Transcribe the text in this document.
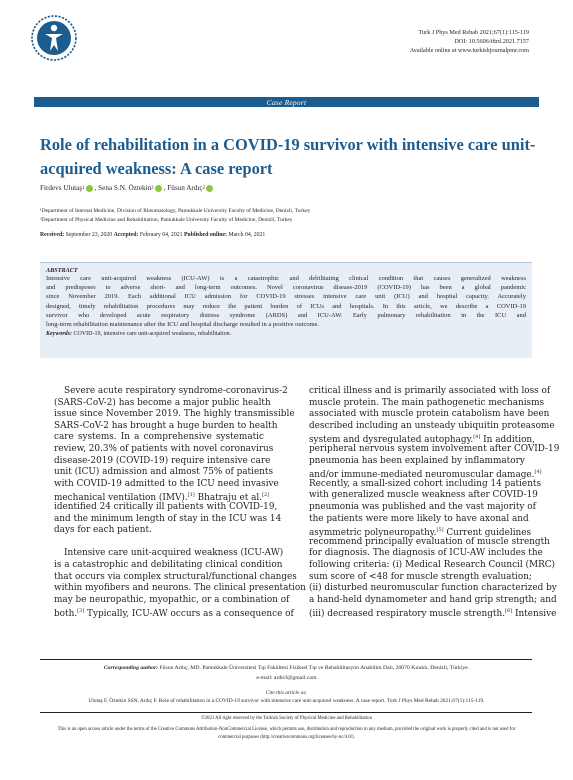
Turk J Phys Med Rehab 2021;67(1):115-119
DOI: 10.5606/tftrd.2021.7157
Available online at www.turkishjournalpmr.com
Case Report
Role of rehabilitation in a COVID-19 survivor with intensive care unit-acquired weakness: A case report
Firdevs Ulutaş 1 , Sena S.N. Öztekin 2 , Füsun Ardıç 2
¹Department of Internal Medicine, Division of Rheumatology, Pamukkale University Faculty of Medicine, Denizli, Turkey
²Department of Physical Medicine and Rehabilitation, Pamukkale University Faculty of Medicine, Denizli, Turkey
Received: September 23, 2020 Accepted: February 04, 2021 Published online: March 04, 2021
ABSTRACT
Intensive care unit-acquired weakness (ICU-AW) is a catastrophic and debilitating clinical condition that causes generalized weakness
and predisposes to adverse short- and long-term outcomes. Novel coronavirus disease-2019 (COVID-19) has been a global pandemic
since November 2019. Each additional ICU admission for COVID-19 stresses intensive care unit (ICU) and hospital capacity. Accurately
designed, timely rehabilitation procedures may reduce the patient burden of ICUs and hospitals. In this article, we describe a COVID-19
survivor who developed acute respiratory distress syndrome (ARDS) and ICU-AW. Early pulmonary rehabilitation in the ICU and
long-term rehabilitation maintenance after the ICU and hospital discharge resulted in a positive outcome.
Keywords: COVID-19, intensive care unit-acquired weakness, rehabilitation.
Severe acute respiratory syndrome-coronavirus-2
(SARS-CoV-2) has become a major public health
issue since November 2019. The highly transmissible
SARS-CoV-2 has brought a huge burden to health
care systems. In a comprehensive systematic
review, 20.3% of patients with novel coronavirus
disease-2019 (COVID-19) require intensive care
unit (ICU) admission and almost 75% of patients
with COVID-19 admitted to the ICU need invasive
mechanical ventilation (IMV).[1] Bhatraju et al.[2]
identified 24 critically ill patients with COVID-19,
and the minimum length of stay in the ICU was 14
days for each patient.
Intensive care unit-acquired weakness (ICU-AW)
is a catastrophic and debilitating clinical condition
that occurs via complex structural/functional changes
within myofibers and neurons. The clinical presentation
may be neuropathic, myopathic, or a combination of
both.[3] Typically, ICU-AW occurs as a consequence of
critical illness and is primarily associated with loss of
muscle protein. The main pathogenetic mechanisms
associated with muscle protein catabolism have been
described including an unsteady ubiquitin proteasome
system and dysregulated autophagy.[4] In addition,
peripheral nervous system involvement after COVID-19
pneumonia has been explained by inflammatory
and/or immune-mediated neuromuscular damage.[4]
Recently, a small-sized cohort including 14 patients
with generalized muscle weakness after COVID-19
pneumonia was published and the vast majority of
the patients were more likely to have axonal and
asymmetric polyneuropathy.[5] Current guidelines
recommend principally evaluation of muscle strength
for diagnosis. The diagnosis of ICU-AW includes the
following criteria: (i) Medical Research Council (MRC)
sum score of <48 for muscle strength evaluation;
(ii) disturbed neuromuscular function characterized by
a hand-held dynamometer and hand grip strength; and
(iii) decreased respiratory muscle strength.[6] Intensive
Corresponding author: Füsun Ardıç, MD. Pamukkale Üniversitesi Tıp Fakültesi Fiziksel Tıp ve Rehabilitasyon Anabilim Dalı, 20070 Kınıklı, Denizli, Türkiye.
e-mail: ardicf@gmail.com
Cite this article as:
Ulutaş F, Öztekin SSN, Ardıç F. Role of rehabilitation in a COVID-19 survivor with intensive care unit-acquired weakness: A case report. Turk J Phys Med Rehab 2021;67(1):115-119.
©2021 All right reserved by the Turkish Society of Physical Medicine and Rehabilitation
This is an open access article under the terms of the Creative Commons Attribution-NonCommercial License, which permits use, distribution and reproduction in any medium, provided the original work is properly cited and is not used for commercial purposes (http://creativecommons.org/licenses/by-nc/4.0/).
